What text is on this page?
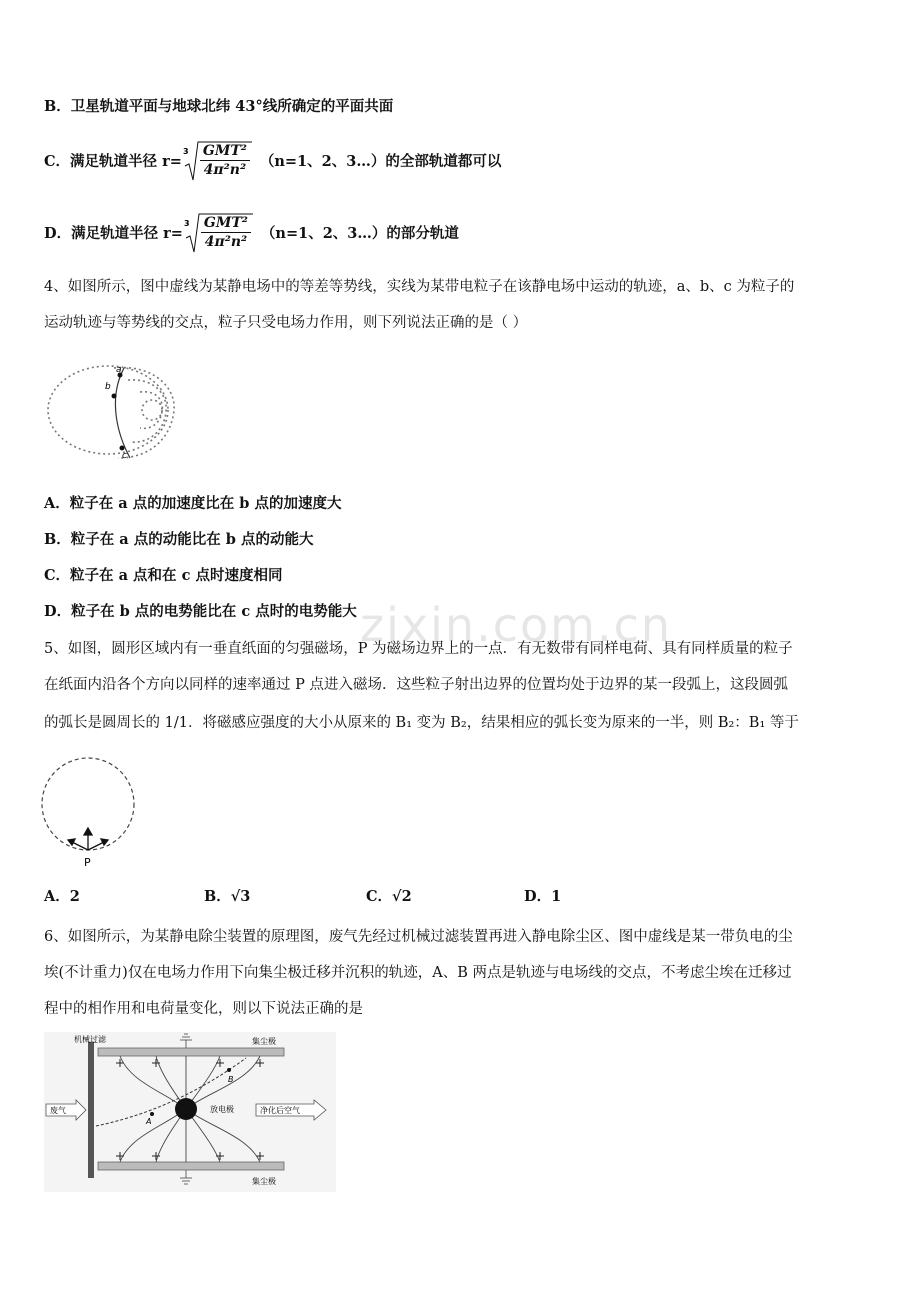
B．卫星轨道平面与地球北纬 43°线所确定的平面共面
C．满足轨道半径 r=
3 GMT²
4π²n² （n=1、2、3…）的全部轨道都可以
D．满足轨道半径 r=
3 GMT²
4π²n² （n=1、2、3…）的部分轨道
4、如图所示，图中虚线为某静电场中的等差等势线，实线为某带电粒子在该静电场中运动的轨迹，a、b、c 为粒子的
运动轨迹与等势线的交点，粒子只受电场力作用，则下列说法正确的是（ ）
a
b
c
A．粒子在 a 点的加速度比在 b 点的加速度大
B．粒子在 a 点的动能比在 b 点的动能大
C．粒子在 a 点和在 c 点时速度相同
D．粒子在 b 点的电势能比在 c 点时的电势能大 zixin.com.cn
5、如图，圆形区域内有一垂直纸面的匀强磁场，P 为磁场边界上的一点．有无数带有同样电荷、具有同样质量的粒子
在纸面内沿各个方向以同样的速率通过 P 点进入磁场．这些粒子射出边界的位置均处于边界的某一段弧上，这段圆弧
的弧长是圆周长的 1/1．将磁感应强度的大小从原来的 B₁ 变为 B₂，结果相应的弧长变为原来的一半，则 B₂：B₁ 等于
P
A．2	B．√3	C．√2	D．1
6、如图所示，为某静电除尘装置的原理图，废气先经过机械过滤装置再进入静电除尘区、图中虚线是某一带负电的尘
埃(不计重力)仅在电场力作用下向集尘极迁移并沉积的轨迹，A、B 两点是轨迹与电场线的交点，不考虑尘埃在迁移过
程中的相作用和电荷量变化，则以下说法正确的是
机械过滤	集尘极
集尘极
A
B
放电极
废气	净化后空气
